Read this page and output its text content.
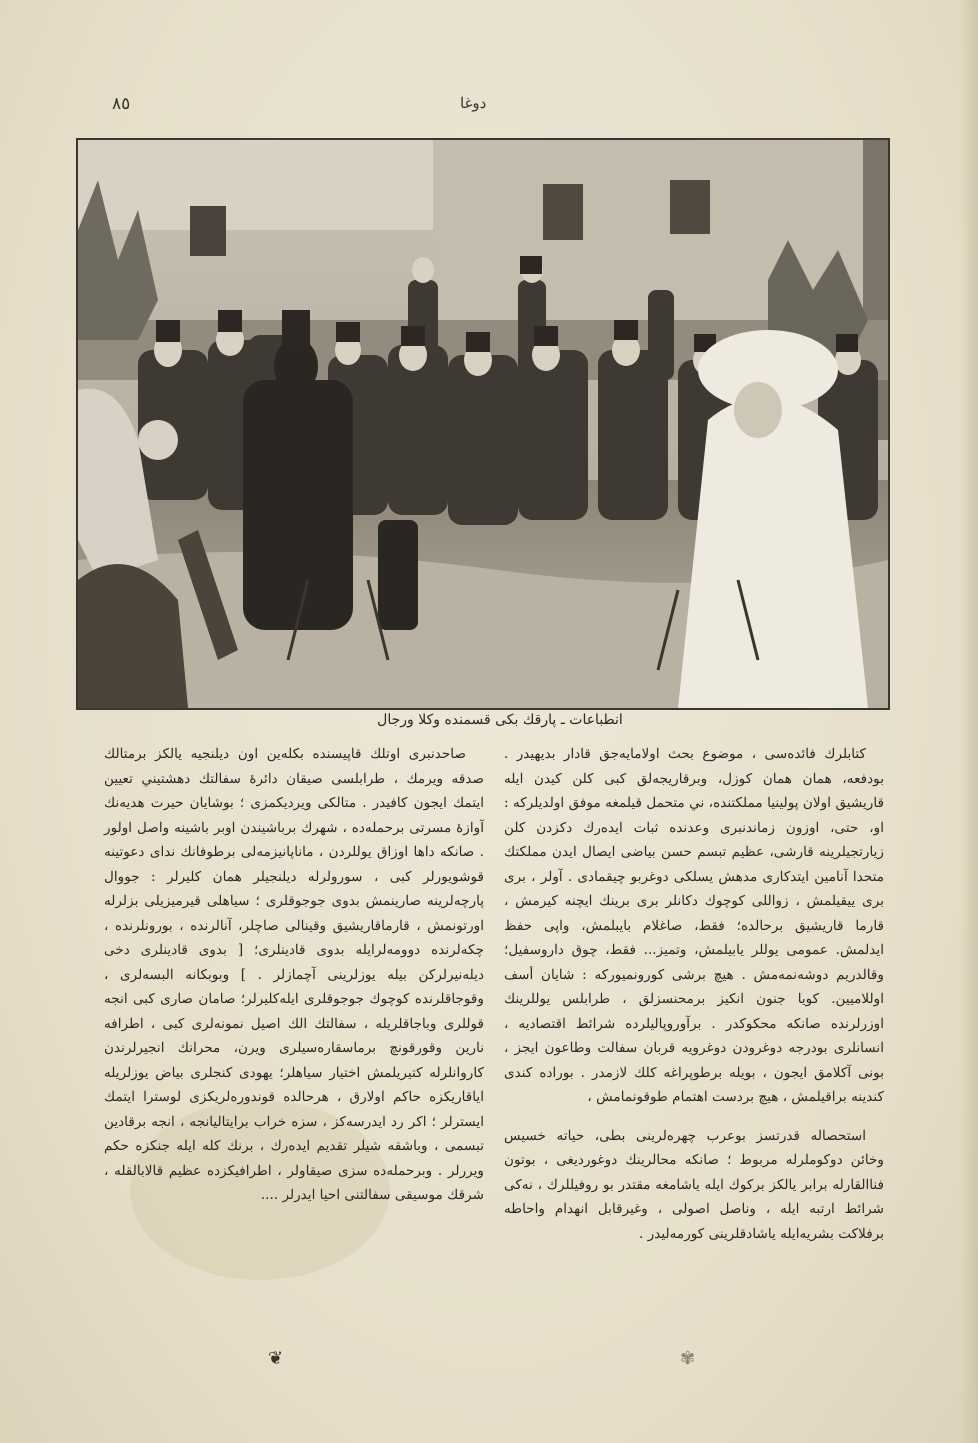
٨٥	دوغا
انطباعات ـ پارقك بكى قسمنده وكلا ورجال

كتابلرك فائده‌سى ، موضوع بحث اولامايه‌جق قادار بديهيدر . بودفعه، همان همان كوزل، وبرقاريجه‌لق كبى كلن كيدن ايله قاريشيق اولان پولينيا مملكتنده، ني متحمل قيلمغه موفق اولديلركه : او، حتى، اوزون زماندنبرى وعدنده‌ ثبات ايده‌رك دكزدن كلن زيارتجيلرينه قارشى، عظيم تبسم حسن بياضى ايصال ايدن مملكتك متحدا آنامين ايتدكارى مدهش يسلكى دوغربو چيقمادى . آولر ، برى برى ييقيلمش ، زواللى كوچوك دكانلر برى برينك ايچنه كيرمش ، قارما قاريشيق برحالده؛ فقط، صاغلام بايبلمش، واپى حفظ ايدلمش. عمومى يوللر يابيلمش، وتميز... فقط، چوق داروسفيل؛ وقالدريم دوشه‌نمه‌مش . هيچ برشى كورونميوركه : شايان أسف اوللاميين. كويا جنون انكيز برمحنسزلق ، طرابلس يوللرينك اوزرلرنده صانكه محكوكدر . برآوروپاليلرده شرائط اقتصاديه ، انسانلرى بودرجه دوغرودن دوغرويه قربان سفالت وطاعون ايجز ، بونى آكلامق ايجون ، بويله برطوپراغه كلك لازمدر . بوراده كندى كندينه براقيلمش ، هيچ بردست اهتمام طوقونمامش ،

استحصاله قدرتسز بوعرب چهره‌لرينى بطى، حياته خسيس وخائن دوكوملرله مربوط ؛ صانكه محالرينك دوغورديغى ، بوتون فناالقارله برابر يالكز بركوك ايله ياشامغه مقتدر بو روفيللرك ، نه‌كى شرائط ارتبه ايله ، وناصل اصولى ، وغيرقابل انهدام واحاطه برفلاكت بشريه‌ايله ياشادقلرينى كورمه‌ليدر .

صاحدنبرى اوتلك قاپيسنده بكله‌ين اون ديلنجيه يالكز برمتالك صدقه ويرمك ، طرابلسى صيقان دائرۀ سفالتك دهشتيني تعيين ايتمك ايجون كافيدر . متالكى ويرديكمزى ؛ بوشايان حيرت هديه‌نك آوازۀ مسرتى برحمله‌ده ، شهرك برباشيندن اوبر باشينه واصل اولور . صانكه داها اوزاق يوللردن ، ماناپانيزمه‌لى برطوفانك نداى دعوتينه قوشويورلر كبى ، سورولرله ديلنجيلر همان كليرلر : جووال پارچه‌لرينه صارينمش بدوى جوجوقلرى ؛ سياهلى قيرميزيلى بزلرله اورتونمش ، قارماقاريشيق وقينالى صاچلر، آنالرنده ، بورونلرنده ، چكه‌لرنده دوومه‌لرايله بدوى قادينلرى؛ [ بدوى قادينلرى دخى ديله‌نيرلركن بيله يوزلرينى آچمازلر . ] وبوبكانه البسه‌لرى ، وقوجاقلرنده كوچوك جوجوقلرى ايله‌كليرلر؛ صامان صارى كبى انجه قوللرى وباجاقلريله ، سفالتك الك اصيل نمونه‌لرى كبى ، اطرافه نارين وقورقونچ برماسقاره‌سيلرى ويرن، محرانك انجيرلرندن كاروانلرله كتيريلمش اختيار سياهلر؛ يهودى كنجلرى بياض يوزلريله اياقاريكزه حاكم اولارق ، هرحالده قوندوره‌لريكزى لوسترا ايتمك ايسترلر ؛ اكر رد ايدرسه‌كز ، سزه خراب برايتاليانجه ، انجه برقادين تبسمى ، وباشقه شيلر تقديم ايده‌رك ، برنك كله ايله جنكزه حكم ويررلر . وبرحمله‌ده سزى صيقاولر ، اطرافيكزده عظيم قالابالقله ، شرقك موسيقى سفالتنى احيا ايدرلر ....

❦	✾
